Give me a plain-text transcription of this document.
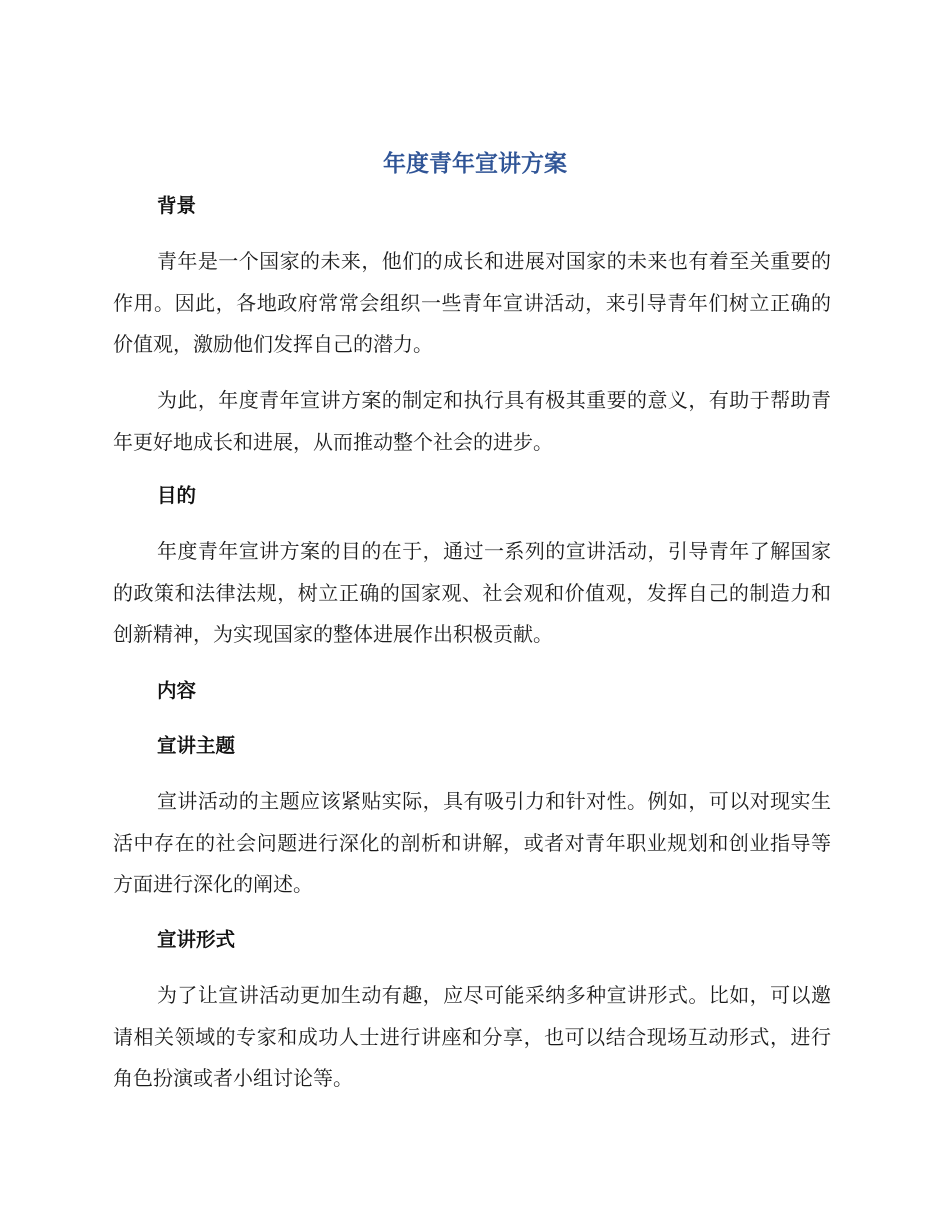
年度青年宣讲方案
背景

青年是一个国家的未来，他们的成长和进展对国家的未来也有着至关重要的作用。因此，各地政府常常会组织一些青年宣讲活动，来引导青年们树立正确的价值观，激励他们发挥自己的潜力。

为此，年度青年宣讲方案的制定和执行具有极其重要的意义，有助于帮助青年更好地成长和进展，从而推动整个社会的进步。

目的

年度青年宣讲方案的目的在于，通过一系列的宣讲活动，引导青年了解国家的政策和法律法规，树立正确的国家观、社会观和价值观，发挥自己的制造力和创新精神，为实现国家的整体进展作出积极贡献。

内容
宣讲主题

宣讲活动的主题应该紧贴实际，具有吸引力和针对性。例如，可以对现实生活中存在的社会问题进行深化的剖析和讲解，或者对青年职业规划和创业指导等方面进行深化的阐述。

宣讲形式

为了让宣讲活动更加生动有趣，应尽可能采纳多种宣讲形式。比如，可以邀请相关领域的专家和成功人士进行讲座和分享，也可以结合现场互动形式，进行角色扮演或者小组讨论等。
